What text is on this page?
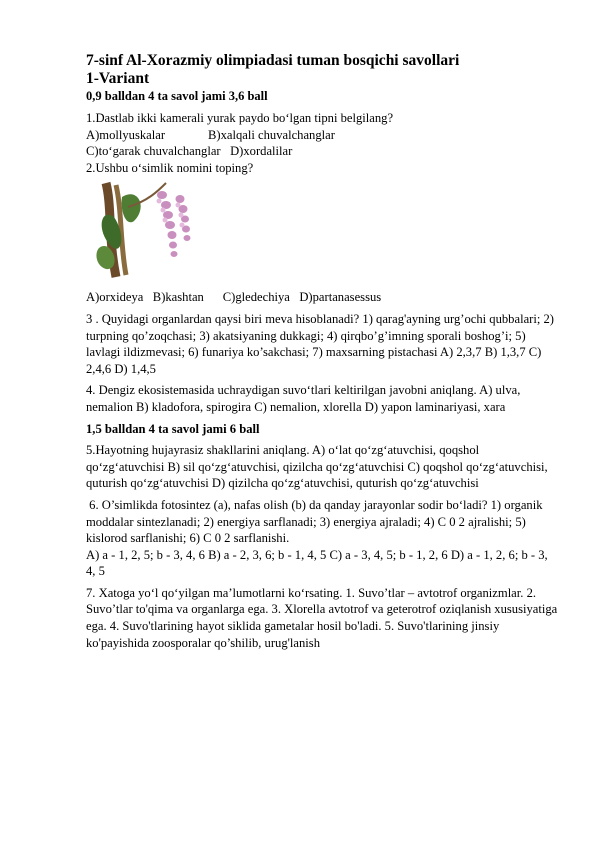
7-sinf Al-Xorazmiy olimpiadasi tuman bosqichi savollari

1-Variant

0,9 balldan 4 ta savol jami 3,6 ball

1.Dastlab ikki kamerali yurak paydo bo‘lgan tipni belgilang?

A)mollyuskalar	B)xalqali chuvalchanglar

C)to‘garak chuvalchanglar   D)xordalilar

2.Ushbu o‘simlik nomini toping?

A)orxideya   B)kashtan      C)gledechiya   D)partanasessus

3 . Quyidagi organlardan qaysi biri meva hisoblanadi? 1) qarag'ayning urg’ochi qubbalari; 2) turpning qo’zoqchasi; 3) akatsiyaning dukkagi; 4) qirqbo’g’imning sporali boshog’i; 5) lavlagi ildizmevasi; 6) funariya ko’sakchasi; 7) maxsarning pistachasi A) 2,3,7 B) 1,3,7 C) 2,4,6 D) 1,4,5

4. Dengiz ekosistemasida uchraydigan suvo‘tlari keltirilgan javobni aniqlang. A) ulva, nemalion B) kladofora, spirogira C) nemalion, xlorella D) yapon laminariyasi, xara

1,5 balldan 4 ta savol jami 6 ball

5.Hayotning hujayrasiz shakllarini aniqlang. A) o‘lat qo‘zg‘atuvchisi, qoqshol qo‘zg‘atuvchisi B) sil qo‘zg‘atuvchisi, qizilcha qo‘zg‘atuvchisi C) qoqshol qo‘zg‘atuvchisi, quturish qo‘zg‘atuvchisi D) qizilcha qo‘zg‘atuvchisi, quturish qo‘zg‘atuvchisi

6. O’simlikda fotosintez (a), nafas olish (b) da qanday jarayonlar sodir bo‘ladi? 1) organik moddalar sintezlanadi; 2) energiya sarflanadi; 3) energiya ajraladi; 4) C 0 2 ajralishi; 5) kislorod sarflanishi; 6) C 0 2 sarflanishi.

A) a - 1, 2, 5; b - 3, 4, 6 B) a - 2, 3, 6; b - 1, 4, 5 C) a - 3, 4, 5; b - 1, 2, 6 D) a - 1, 2, 6; b - 3, 4, 5

7. Xatoga yo‘l qo‘yilgan ma’lumotlarni ko‘rsating. 1. Suvo’tlar – avtotrof organizmlar. 2. Suvo’tlar to'qima va organlarga ega. 3. Xlorella avtotrof va geterotrof oziqlanish xususiyatiga ega. 4. Suvo'tlarining hayot siklida gametalar hosil bo'ladi. 5. Suvo'tlarining jinsiy ko'payishida zoosporalar qo’shilib, urug'lanish
